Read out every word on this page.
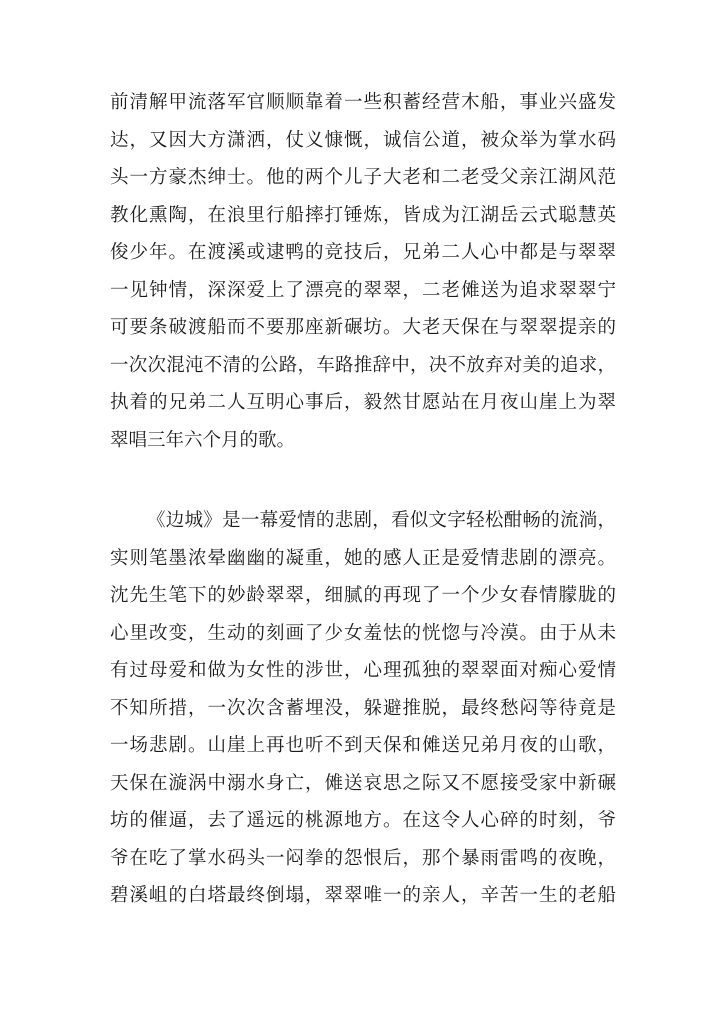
前清解甲流落军官顺顺靠着一些积蓄经营木船，事业兴盛发
达，又因大方潇洒，仗义慷慨，诚信公道，被众举为掌水码
头一方豪杰绅士。他的两个儿子大老和二老受父亲江湖风范
教化熏陶，在浪里行船摔打锤炼，皆成为江湖岳云式聪慧英
俊少年。在渡溪或逮鸭的竞技后，兄弟二人心中都是与翠翠
一见钟情，深深爱上了漂亮的翠翠，二老傩送为追求翠翠宁
可要条破渡船而不要那座新碾坊。大老天保在与翠翠提亲的
一次次混沌不清的公路，车路推辞中，决不放弃对美的追求，
执着的兄弟二人互明心事后，毅然甘愿站在月夜山崖上为翠
翠唱三年六个月的歌。
《边城》是一幕爱情的悲剧，看似文字轻松酣畅的流淌，
实则笔墨浓晕幽幽的凝重，她的感人正是爱情悲剧的漂亮。
沈先生笔下的妙龄翠翠，细腻的再现了一个少女春情朦胧的
心里改变，生动的刻画了少女羞怯的恍惚与冷漠。由于从未
有过母爱和做为女性的涉世，心理孤独的翠翠面对痴心爱情
不知所措，一次次含蓄埋没，躲避推脱，最终愁闷等待竟是
一场悲剧。山崖上再也听不到天保和傩送兄弟月夜的山歌，
天保在漩涡中溺水身亡，傩送哀思之际又不愿接受家中新碾
坊的催逼，去了遥远的桃源地方。在这令人心碎的时刻，爷
爷在吃了掌水码头一闷拳的怨恨后，那个暴雨雷鸣的夜晚，
碧溪岨的白塔最终倒塌，翠翠唯一的亲人，辛苦一生的老船
